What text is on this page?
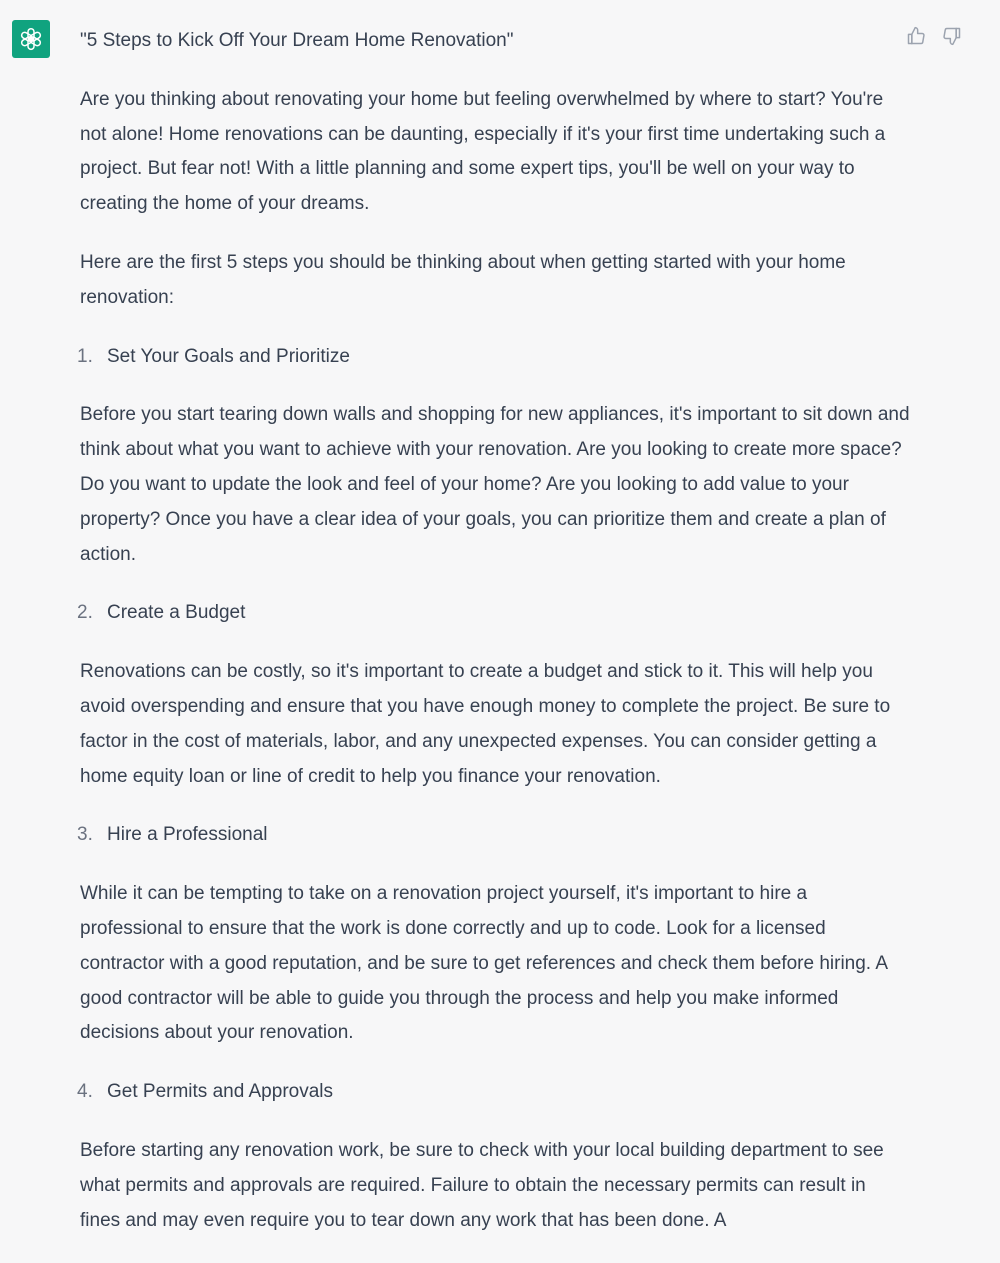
"5 Steps to Kick Off Your Dream Home Renovation"

Are you thinking about renovating your home but feeling overwhelmed by where to start? You're not alone! Home renovations can be daunting, especially if it's your first time undertaking such a project. But fear not! With a little planning and some expert tips, you'll be well on your way to creating the home of your dreams.

Here are the first 5 steps you should be thinking about when getting started with your home renovation:

1. Set Your Goals and Prioritize

Before you start tearing down walls and shopping for new appliances, it's important to sit down and think about what you want to achieve with your renovation. Are you looking to create more space? Do you want to update the look and feel of your home? Are you looking to add value to your property? Once you have a clear idea of your goals, you can prioritize them and create a plan of action.

2. Create a Budget

Renovations can be costly, so it's important to create a budget and stick to it. This will help you avoid overspending and ensure that you have enough money to complete the project. Be sure to factor in the cost of materials, labor, and any unexpected expenses. You can consider getting a home equity loan or line of credit to help you finance your renovation.

3. Hire a Professional

While it can be tempting to take on a renovation project yourself, it's important to hire a professional to ensure that the work is done correctly and up to code. Look for a licensed contractor with a good reputation, and be sure to get references and check them before hiring. A good contractor will be able to guide you through the process and help you make informed decisions about your renovation.

4. Get Permits and Approvals

Before starting any renovation work, be sure to check with your local building department to see what permits and approvals are required. Failure to obtain the necessary permits can result in fines and may even require you to tear down any work that has been done. A
